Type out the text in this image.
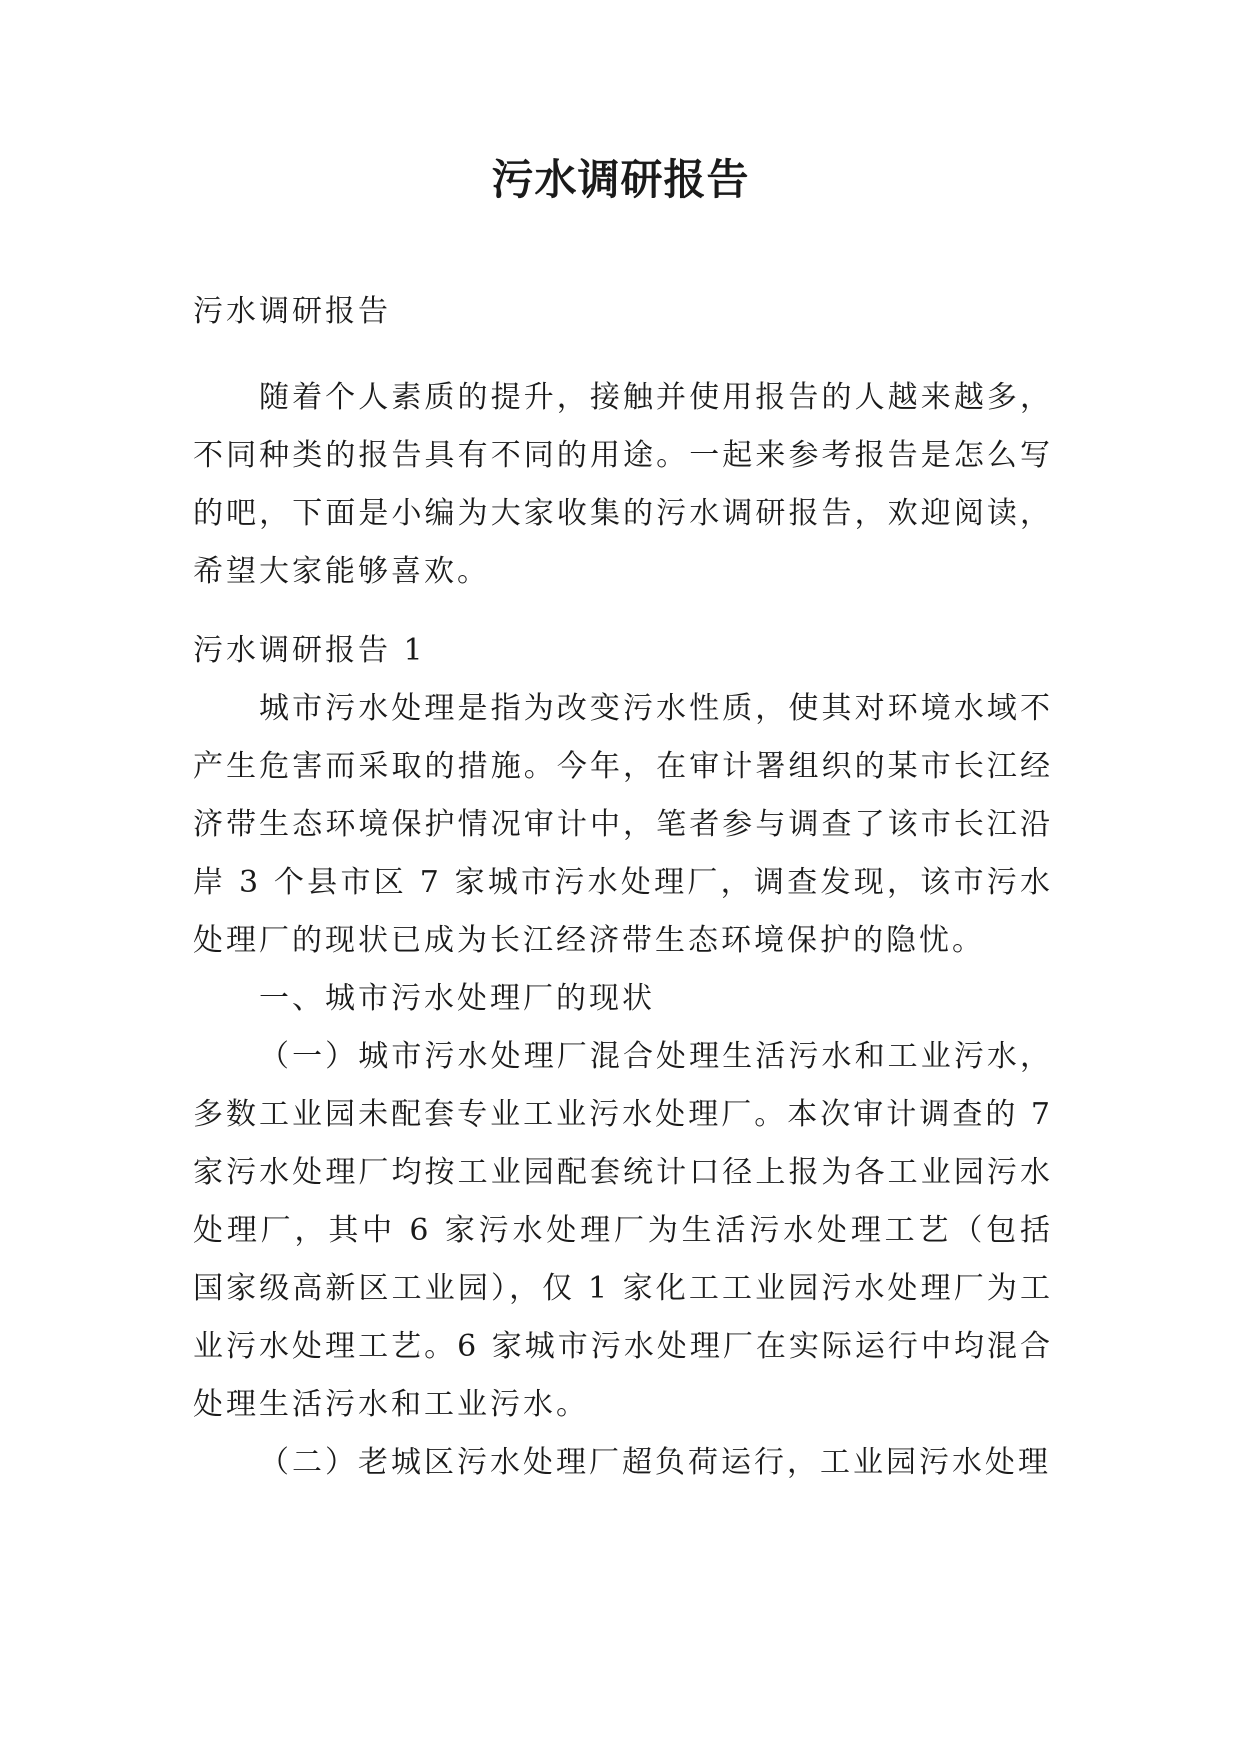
污水调研报告
污水调研报告

随着个人素质的提升，接触并使用报告的人越来越多，不同种类的报告具有不同的用途。一起来参考报告是怎么写的吧，下面是小编为大家收集的污水调研报告，欢迎阅读，希望大家能够喜欢。

污水调研报告 1

城市污水处理是指为改变污水性质，使其对环境水域不产生危害而采取的措施。今年，在审计署组织的某市长江经济带生态环境保护情况审计中，笔者参与调查了该市长江沿岸 3 个县市区 7 家城市污水处理厂，调查发现，该市污水处理厂的现状已成为长江经济带生态环境保护的隐忧。

一、城市污水处理厂的现状

（一）城市污水处理厂混合处理生活污水和工业污水，多数工业园未配套专业工业污水处理厂。本次审计调查的 7 家污水处理厂均按工业园配套统计口径上报为各工业园污水处理厂，其中 6 家污水处理厂为生活污水处理工艺（包括国家级高新区工业园），仅 1 家化工工业园污水处理厂为工业污水处理工艺。6 家城市污水处理厂在实际运行中均混合处理生活污水和工业污水。

（二）老城区污水处理厂超负荷运行，工业园污水处理
